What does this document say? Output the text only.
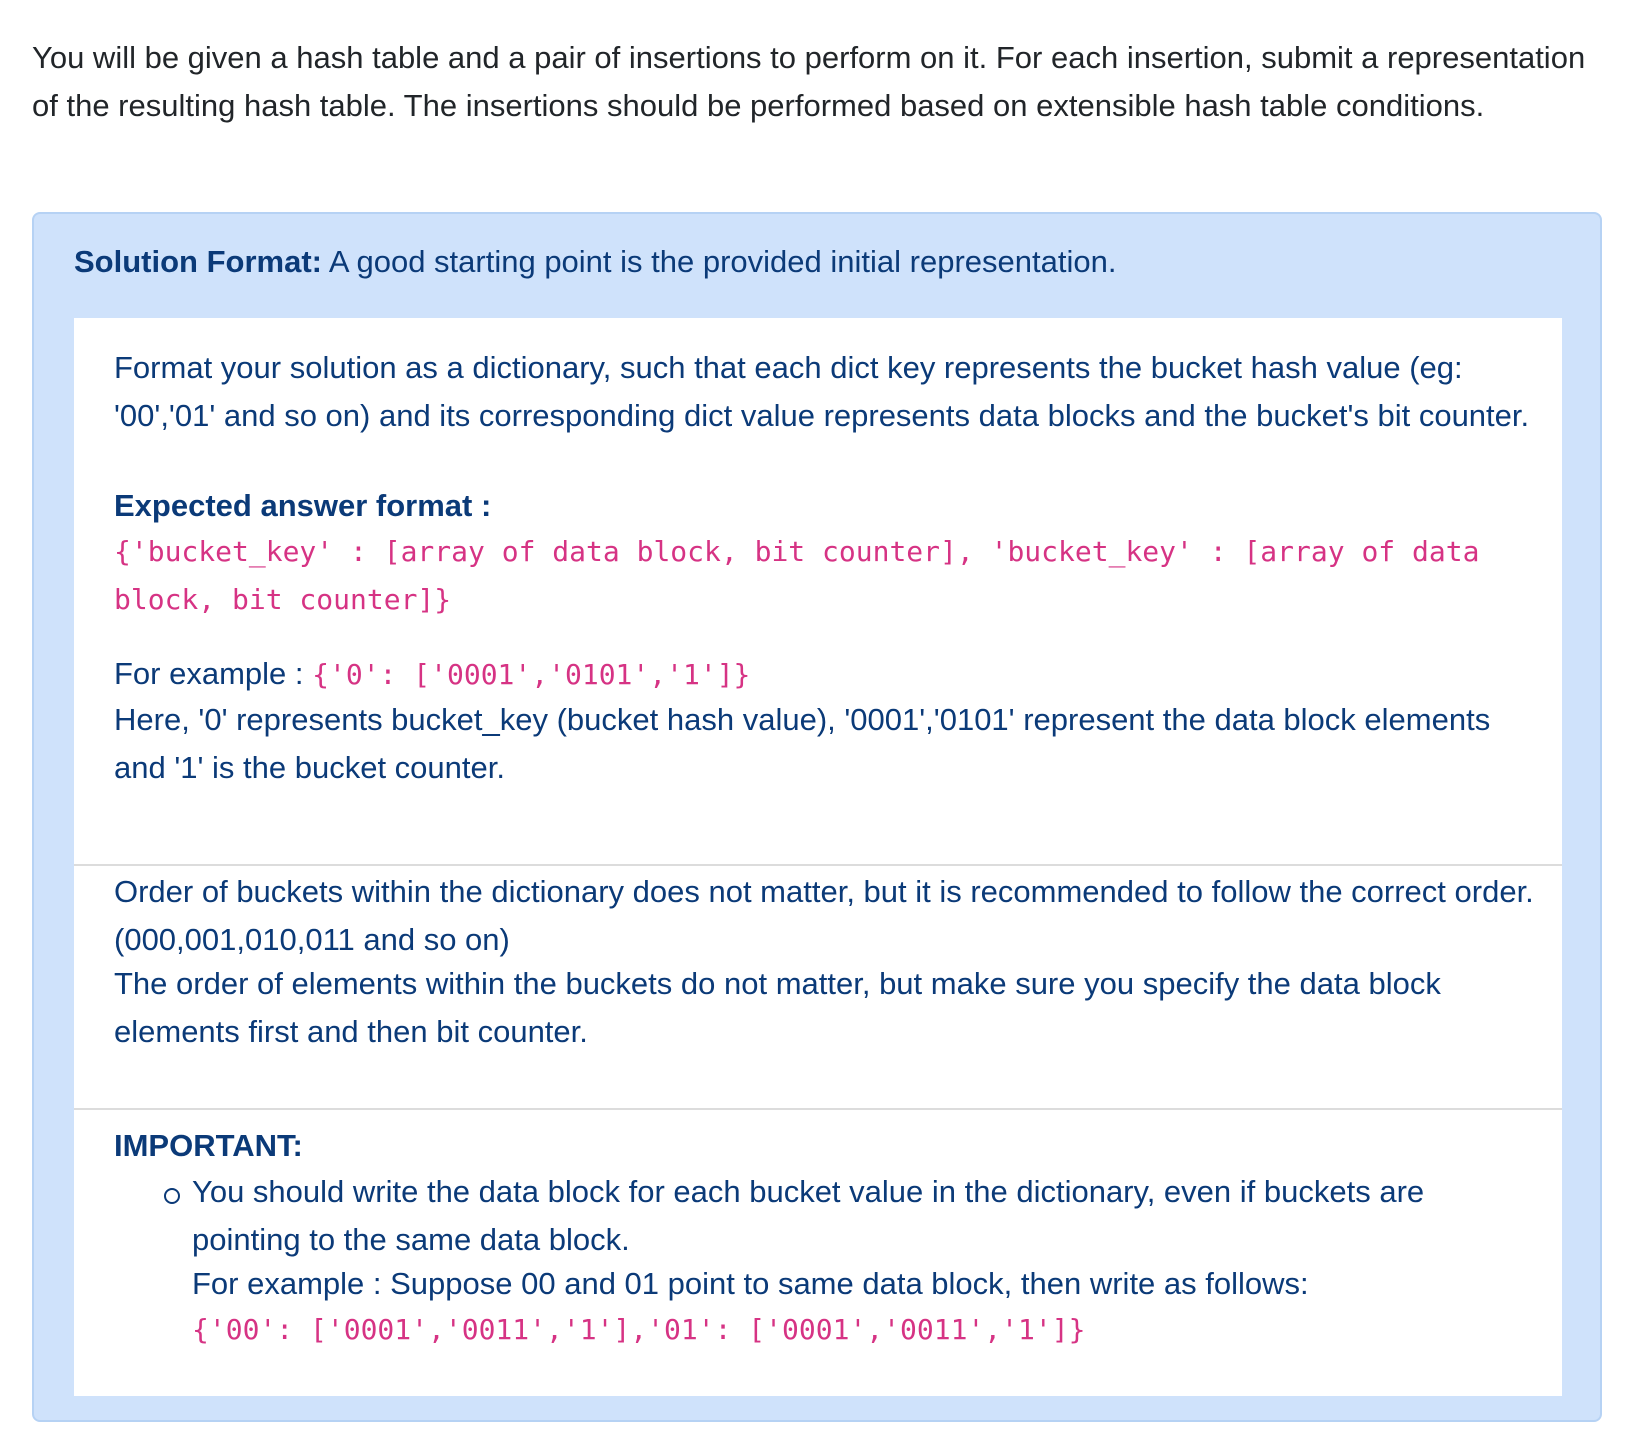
You will be given a hash table and a pair of insertions to perform on it. For each insertion, submit a representation of the resulting hash table. The insertions should be performed based on extensible hash table conditions.

Solution Format: A good starting point is the provided initial representation.

Format your solution as a dictionary, such that each dict key represents the bucket hash value (eg: '00','01' and so on) and its corresponding dict value represents data blocks and the bucket's bit counter.

Expected answer format :

{'bucket_key' : [array of data block, bit counter], 'bucket_key' : [array of data block, bit counter]}

For example : {'0': ['0001','0101','1']}

Here, '0' represents bucket_key (bucket hash value), '0001','0101' represent the data block elements and '1' is the bucket counter.

Order of buckets within the dictionary does not matter, but it is recommended to follow the correct order. (000,001,010,011 and so on)

The order of elements within the buckets do not matter, but make sure you specify the data block elements first and then bit counter.

IMPORTANT:

You should write the data block for each bucket value in the dictionary, even if buckets are pointing to the same data block.

For example : Suppose 00 and 01 point to same data block, then write as follows:

{'00': ['0001','0011','1'],'01': ['0001','0011','1']}
